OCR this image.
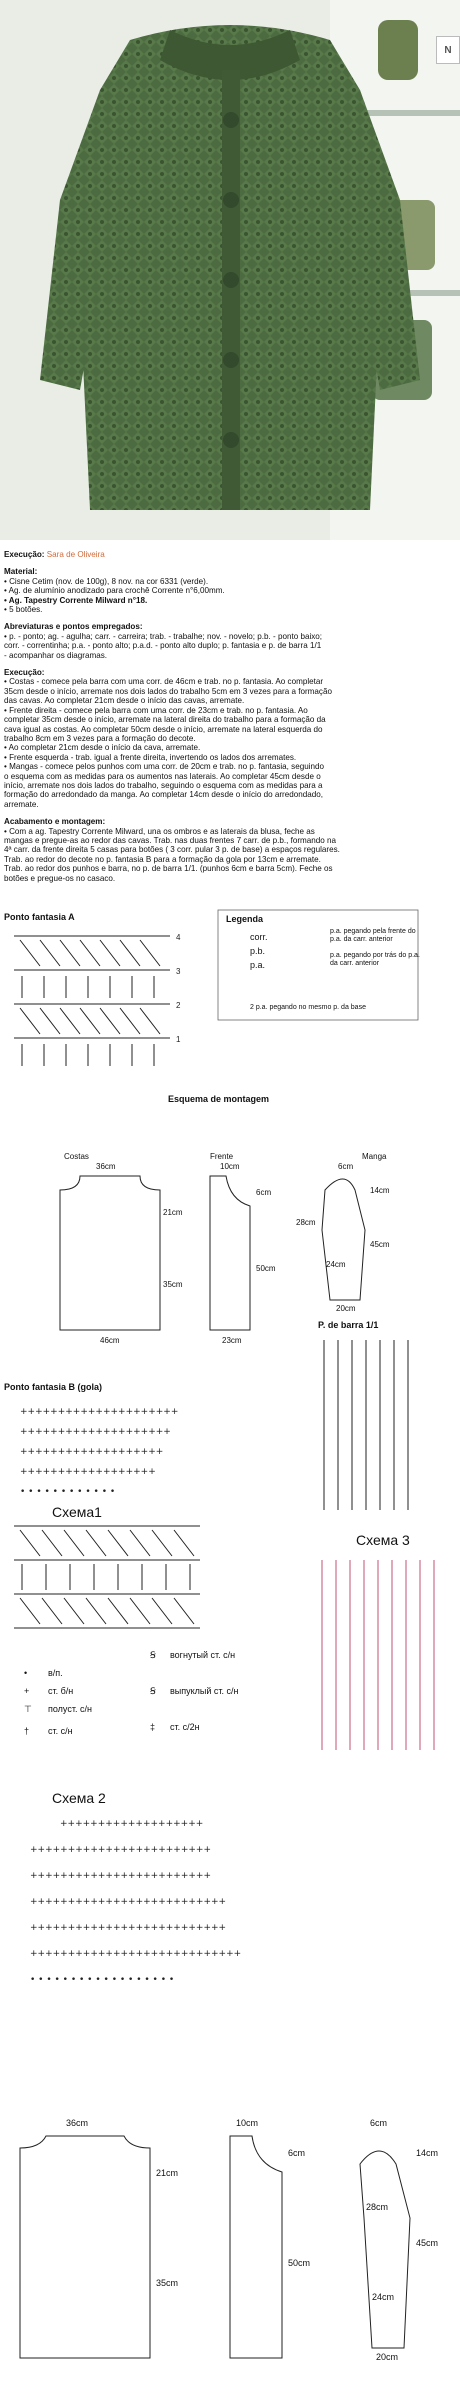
N

Execução: Sara de Oliveira

Material:

• Cisne Cetim (nov. de 100g), 8 nov. na cor 6331 (verde).

• Ag. de alumínio anodizado para crochê Corrente n°6,00mm.

• Ag. Tapestry Corrente Milward n°18.

• 5 botões.

Abreviaturas e pontos empregados:

• p. - ponto; ag. - agulha; carr. - carreira; trab. - trabalhe; nov. - novelo; p.b. - ponto baixo;

corr. - correntinha; p.a. - ponto alto; p.a.d. - ponto alto duplo; p. fantasia e p. de barra 1/1

- acompanhar os diagramas.

Execução:

• Costas - comece pela barra com uma corr. de 46cm e trab. no p. fantasia. Ao completar

35cm desde o início, arremate nos dois lados do trabalho 5cm em 3 vezes para a formação

das cavas. Ao completar 21cm desde o início das cavas, arremate.

• Frente direita - comece pela barra com uma corr. de 23cm e trab. no p. fantasia. Ao

completar 35cm desde o início, arremate na lateral direita do trabalho para a formação da

cava igual as costas. Ao completar 50cm desde o início, arremate na lateral esquerda do

trabalho 8cm em 3 vezes para a formação do decote.

• Ao completar 21cm desde o início da cava, arremate.

• Frente esquerda - trab. igual a frente direita, invertendo os lados dos arremates.

• Mangas - comece pelos punhos com uma corr. de 20cm e trab. no p. fantasia, seguindo

o esquema com as medidas para os aumentos nas laterais. Ao completar 45cm desde o

início, arremate nos dois lados do trabalho, seguindo o esquema com as medidas para a

formação do arredondado da manga. Ao completar 14cm desde o início do arredondado,

arremate.

Acabamento e montagem:

• Com a ag. Tapestry Corrente Milward, una os ombros e as laterais da blusa, feche as

mangas e pregue-as ao redor das cavas. Trab. nas duas frentes 7 carr. de p.b., formando na

4ª carr. da frente direita 5 casas para botões ( 3 corr. pular 3 p. de base) a espaços regulares.

Trab. ao redor do decote no p. fantasia B para a formação da gola por 13cm e arremate.

Trab. ao redor dos punhos e barra, no p. de barra 1/1. (punhos 6cm e barra 5cm). Feche os

botões e pregue-os no casaco.

Ponto fantasia A
4
3
2
1
Legenda
corr.
p.b.
p.a.
p.a. pegando pela frente do p.a. da carr. anterior
p.a. pegando por trás do p.a. da carr. anterior
2 p.a. pegando no mesmo p. da base
Esquema de montagem
Costas	Frente	Manga
36cm
21cm
35cm
46cm
10cm
6cm
50cm
23cm
6cm
14cm
28cm
45cm
24cm
20cm
P. de barra 1/1
Ponto fantasia B (gola)
+++++++++++++++++++++
++++++++++++++++++++
+++++++++++++++++++
++++++++++++++++++
• • • • • • • • • • • •
Схема1
Схема 3
Схема 2
+++++++++++++++++++
++++++++++++++++++++++++
++++++++++++++++++++++++
++++++++++++++++++++++++++
++++++++++++++++++++++++++
++++++++++++++++++++++++++++
• • • • • • • • • • • • • • • • • •
• в/п.
+ ст. б/н
⊤ полуст. с/н
† ст. с/н
Ꞩ вогнутый ст. с/н
Ꞩ выпуклый ст. с/н
‡ ст. с/2н
36cm
21cm
35cm
10cm
6cm
50cm
6cm
14cm
28cm
45cm
24cm
20cm
